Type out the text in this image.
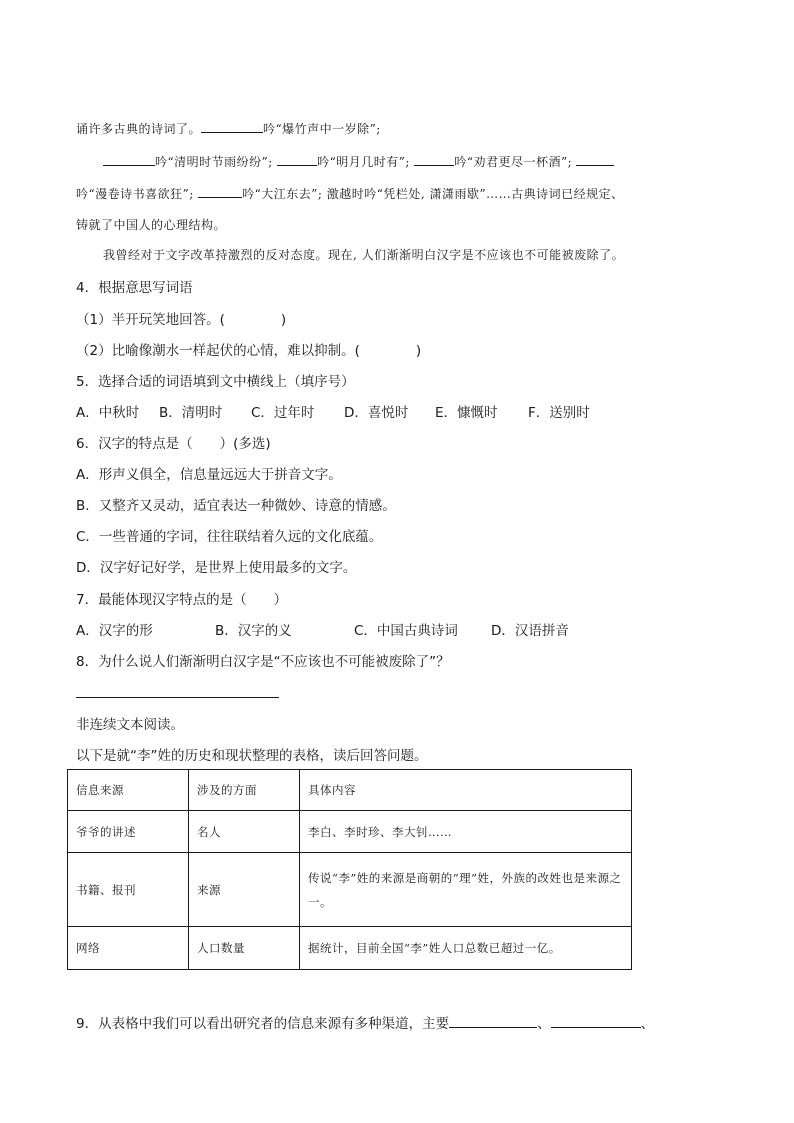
诵许多古典的诗词了。	吟“爆竹声中一岁除”;
吟“清明时节雨纷纷”;	吟“明月几时有”;	吟“劝君更尽一杯酒”;
吟“漫卷诗书喜欲狂”;	吟“大江东去”; 激越时吟“凭栏处, 潇潇雨歇”……古典诗词已经规定、
铸就了中国人的心理结构。
我曾经对于文字改革持激烈的反对态度。现在, 人们渐渐明白汉字是不应该也不可能被废除了。
4．根据意思写词语
（1）半开玩笑地回答。(	)
（2）比喻像潮水一样起伏的心情，难以抑制。(	)
5．选择合适的词语填到文中横线上（填序号）
A．中秋时 B．清明时 C．过年时 D．喜悦时 E．慷慨时 F．送别时
6．汉字的特点是（　　）(多选)
A．形声义俱全，信息量远远大于拼音文字。
B．又整齐又灵动，适宜表达一种微妙、诗意的情感。
C．一些普通的字词，往往联结着久远的文化底蕴。
D．汉字好记好学，是世界上使用最多的文字。
7．最能体现汉字特点的是（　　）
A．汉字的形	B．汉字的义	C．中国古典诗词 D．汉语拼音
8．为什么说人们渐渐明白汉字是“不应该也不可能被废除了”？
非连续文本阅读。
以下是就“李”姓的历史和现状整理的表格，读后回答问题。
信息来源	涉及的方面	具体内容
爷爷的讲述	名人	李白、李时珍、李大钊……
书籍、报刊	来源	传说“李”姓的来源是商朝的“理”姓，外族的改姓也是来源之一。
网络	人口数量	据统计，目前全国“李”姓人口总数已超过一亿。
9．从表格中我们可以看出研究者的信息来源有多种渠道，主要	、	、
